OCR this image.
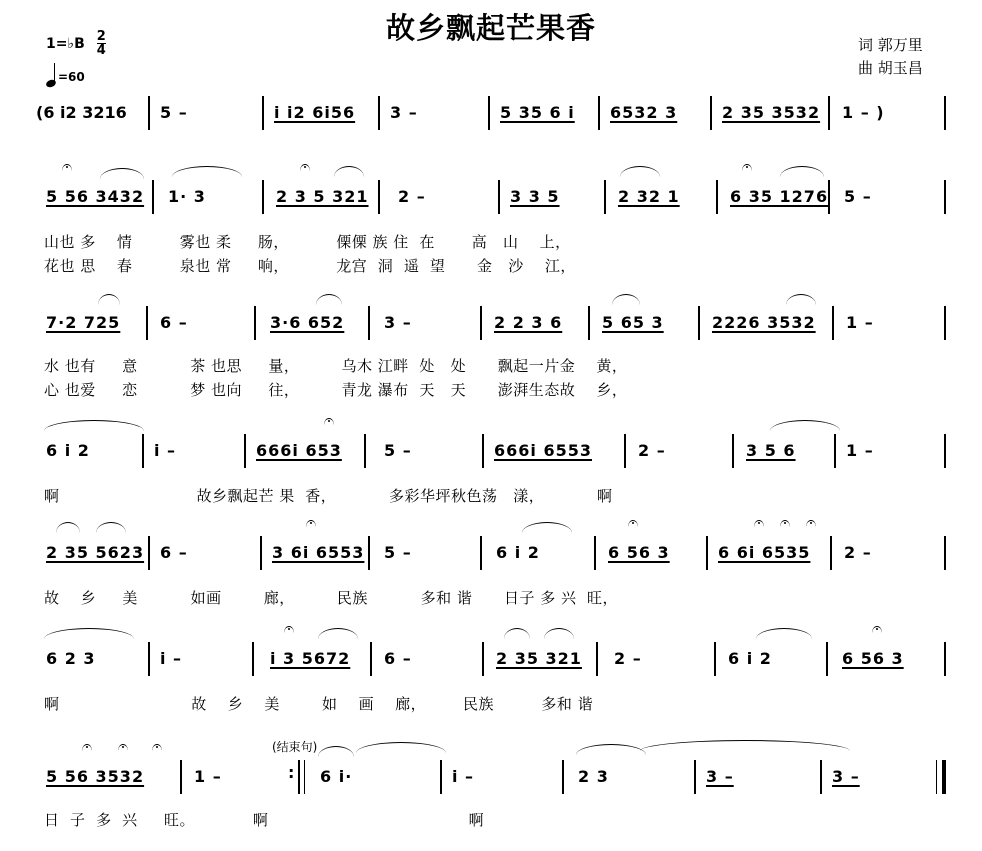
故乡飘起芒果香
1=♭B 2
4
=60
词 郭万里
曲 胡玉昌
(6 i2 3216 5 –	i i2 6i56 3 –	5 35 6 i 6532 3	2 35 3532 1 – )
5 56 3432 1· 3	2 3 5 321 2 –	3 3 5	2 32 1	6 35 1276 5 –
山也 多    情         雾也 柔     肠，         傈傈 族 住  在       高   山    上，
花也 思    春         泉也 常     响，         龙宫  洞  遥  望      金   沙    江，
7·2 725 6 –	3·6 652 3 –	2 2 3 6 5 65 3	2226 3532 1 –
水 也有     意          茶 也思     量，        乌木 江畔  处   处      飘起一片金    黄，
心 也爱     恋          梦 也向     往，        青龙 瀑布  天   天      澎湃生态故    乡，
6 i 2	i –	666i 653	5 –	666i 6553	2 –	3 5 6	1 –
啊                          故乡飘起芒 果  香，          多彩华坪秋色荡   漾，          啊
2 35 5623 6 –	3 6i 6553 5 –	6 i 2	6 56 3	6 6i 6535 2 –
故    乡     美          如画        廊，        民族          多和 谐      日子 多 兴  旺，
6 2 3	i –	i 3 5672 6 –	2 35 321 2 –	6 i 2	6 56 3
啊                         故    乡    美        如    画    廊，       民族         多和 谐
(结束句)
5 56 3532	1 –	: 6 i·	i –	2 3	3 –	3 –
日  子  多  兴     旺。           啊                                      啊
